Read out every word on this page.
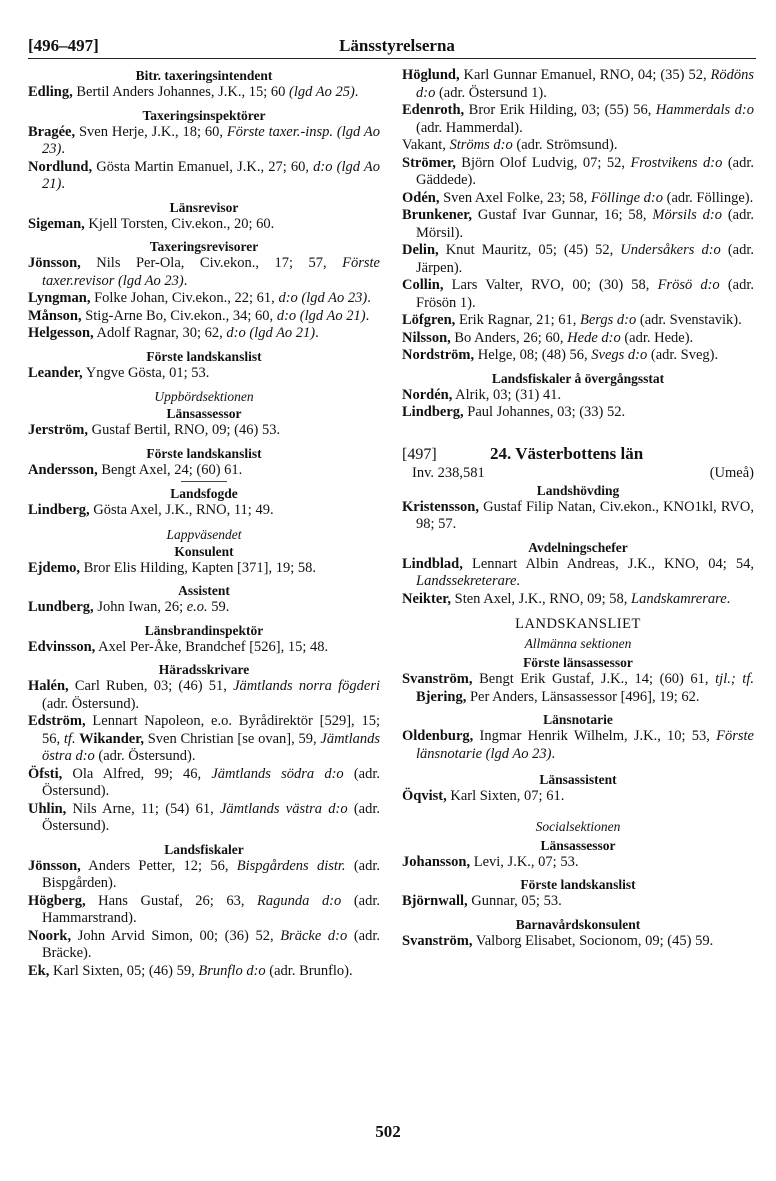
[496–497]	Länsstyrelserna
Bitr. taxeringsintendent
Edling, Bertil Anders Johannes, J.K., 15; 60 (lgd Ao 25).
Taxeringsinspektörer
Bragée, Sven Herje, J.K., 18; 60, Förste taxer.-insp. (lgd Ao 23).
Nordlund, Gösta Martin Emanuel, J.K., 27; 60, d:o (lgd Ao 21).
Länsrevisor
Sigeman, Kjell Torsten, Civ.ekon., 20; 60.
Taxeringsrevisorer
Jönsson, Nils Per-Ola, Civ.ekon., 17; 57, Förste taxer.revisor (lgd Ao 23).
Lyngman, Folke Johan, Civ.ekon., 22; 61, d:o (lgd Ao 23).
Månson, Stig-Arne Bo, Civ.ekon., 34; 60, d:o (lgd Ao 21).
Helgesson, Adolf Ragnar, 30; 62, d:o (lgd Ao 21).
Förste landskanslist
Leander, Yngve Gösta, 01; 53.
Uppbördsektionen
Länsassessor
Jerström, Gustaf Bertil, RNO, 09; (46) 53.
Förste landskanslist
Andersson, Bengt Axel, 24; (60) 61.
Landsfogde
Lindberg, Gösta Axel, J.K., RNO, 11; 49.
Lappväsendet
Konsulent
Ejdemo, Bror Elis Hilding, Kapten [371], 19; 58.
Assistent
Lundberg, John Iwan, 26; e.o. 59.
Länsbrandinspektör
Edvinsson, Axel Per-Åke, Brandchef [526], 15; 48.
Häradsskrivare
Halén, Carl Ruben, 03; (46) 51, Jämtlands norra fögderi (adr. Östersund).
Edström, Lennart Napoleon, e.o. Byrådirektör [529], 15; 56, tf. Wikander, Sven Christian [se ovan], 59, Jämtlands östra d:o (adr. Östersund).
Öfsti, Ola Alfred, 99; 46, Jämtlands södra d:o (adr. Östersund).
Uhlin, Nils Arne, 11; (54) 61, Jämtlands västra d:o (adr. Östersund).
Landsfiskaler
Jönsson, Anders Petter, 12; 56, Bispgårdens distr. (adr. Bispgården).
Högberg, Hans Gustaf, 26; 63, Ragunda d:o (adr. Hammarstrand).
Noork, John Arvid Simon, 00; (36) 52, Bräcke d:o (adr. Bräcke).
Ek, Karl Sixten, 05; (46) 59, Brunflo d:o (adr. Brunflo).
Höglund, Karl Gunnar Emanuel, RNO, 04; (35) 52, Rödöns d:o (adr. Östersund 1).
Edenroth, Bror Erik Hilding, 03; (55) 56, Hammerdals d:o (adr. Hammerdal).
Vakant, Ströms d:o (adr. Strömsund).
Strömer, Björn Olof Ludvig, 07; 52, Frostvikens d:o (adr. Gäddede).
Odén, Sven Axel Folke, 23; 58, Föllinge d:o (adr. Föllinge).
Brunkener, Gustaf Ivar Gunnar, 16; 58, Mörsils d:o (adr. Mörsil).
Delin, Knut Mauritz, 05; (45) 52, Undersåkers d:o (adr. Järpen).
Collin, Lars Valter, RVO, 00; (30) 58, Frösö d:o (adr. Frösön 1).
Löfgren, Erik Ragnar, 21; 61, Bergs d:o (adr. Svenstavik).
Nilsson, Bo Anders, 26; 60, Hede d:o (adr. Hede).
Nordström, Helge, 08; (48) 56, Svegs d:o (adr. Sveg).
Landsfiskaler å övergångsstat
Nordén, Alrik, 03; (31) 41.
Lindberg, Paul Johannes, 03; (33) 52.
[497]	24. Västerbottens län
Inv. 238,581	(Umeå)
Landshövding
Kristensson, Gustaf Filip Natan, Civ.ekon., KNO1kl, RVO, 98; 57.
Avdelningschefer
Lindblad, Lennart Albin Andreas, J.K., KNO, 04; 54, Landssekreterare.
Neikter, Sten Axel, J.K., RNO, 09; 58, Landskamrerare.
LANDSKANSLIET
Allmänna sektionen
Förste länsassessor
Svanström, Bengt Erik Gustaf, J.K., 14; (60) 61, tjl.; tf. Bjering, Per Anders, Länsassessor [496], 19; 62.
Länsnotarie
Oldenburg, Ingmar Henrik Wilhelm, J.K., 10; 53, Förste länsnotarie (lgd Ao 23).
Länsassistent
Öqvist, Karl Sixten, 07; 61.
Socialsektionen
Länsassessor
Johansson, Levi, J.K., 07; 53.
Förste landskanslist
Björnwall, Gunnar, 05; 53.
Barnavårdskonsulent
Svanström, Valborg Elisabet, Socionom, 09; (45) 59.
502
